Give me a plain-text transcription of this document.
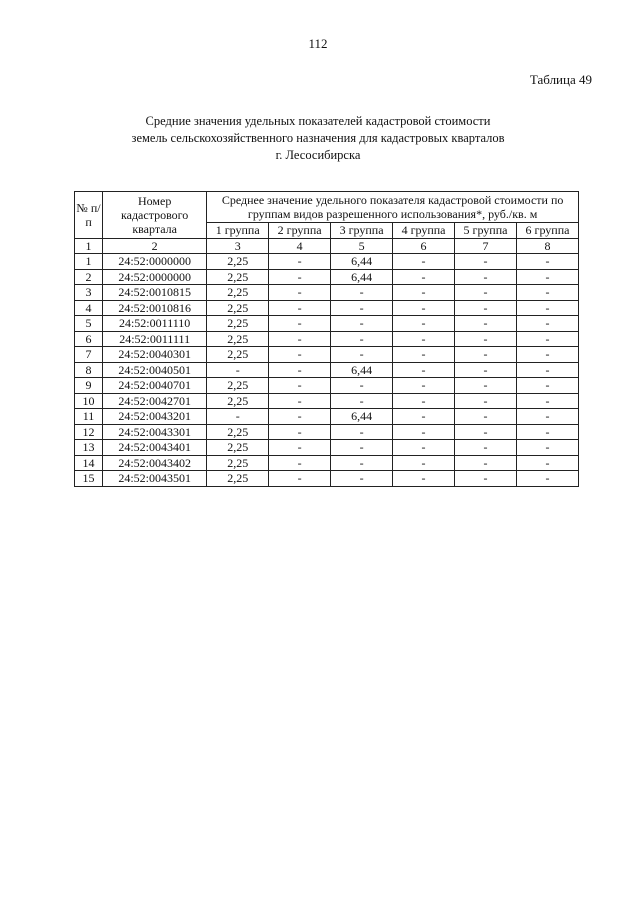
112
Таблица 49
Средние значения удельных показателей кадастровой стоимости
земель сельскохозяйственного назначения для кадастровых кварталов
г. Лесосибирска
№ п/п	Номер кадастрового квартала	Среднее значение удельного показателя кадастровой стоимости по группам видов разрешенного использования*, руб./кв. м					
		1 группа	2 группа	3 группа	4 группа	5 группа	6 группа
1	2	3	4	5	6	7	8
1	24:52:0000000	2,25	-	6,44	-	-	-
2	24:52:0000000	2,25	-	6,44	-	-	-
3	24:52:0010815	2,25	-	-	-	-	-
4	24:52:0010816	2,25	-	-	-	-	-
5	24:52:0011110	2,25	-	-	-	-	-
6	24:52:0011111	2,25	-	-	-	-	-
7	24:52:0040301	2,25	-	-	-	-	-
8	24:52:0040501	-	-	6,44	-	-	-
9	24:52:0040701	2,25	-	-	-	-	-
10	24:52:0042701	2,25	-	-	-	-	-
11	24:52:0043201	-	-	6,44	-	-	-
12	24:52:0043301	2,25	-	-	-	-	-
13	24:52:0043401	2,25	-	-	-	-	-
14	24:52:0043402	2,25	-	-	-	-	-
15	24:52:0043501	2,25	-	-	-	-	-
